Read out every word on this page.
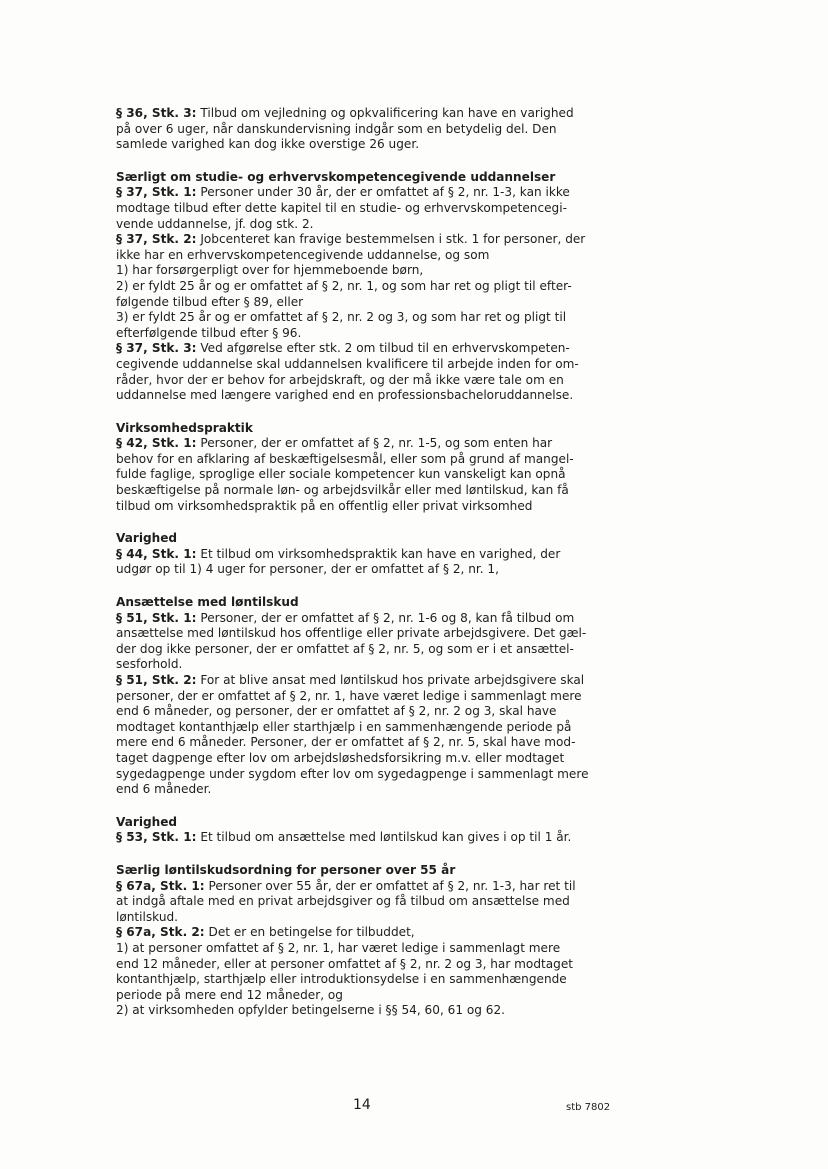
§ 36, Stk. 3: Tilbud om vejledning og opkvalificering kan have en varighed

på over 6 uger, når danskundervisning indgår som en betydelig del. Den

samlede varighed kan dog ikke overstige 26 uger.

Særligt om studie- og erhvervskompetencegivende uddannelser

§ 37, Stk. 1: Personer under 30 år, der er omfattet af § 2, nr. 1-3, kan ikke

modtage tilbud efter dette kapitel til en studie- og erhvervskompetencegi-

vende uddannelse, jf. dog stk. 2.

§ 37, Stk. 2: Jobcenteret kan fravige bestemmelsen i stk. 1 for personer, der

ikke har en erhvervskompetencegivende uddannelse, og som

1) har forsørgerpligt over for hjemmeboende børn,

2) er fyldt 25 år og er omfattet af § 2, nr. 1, og som har ret og pligt til efter-

følgende tilbud efter § 89, eller

3) er fyldt 25 år og er omfattet af § 2, nr. 2 og 3, og som har ret og pligt til

efterfølgende tilbud efter § 96.

§ 37, Stk. 3: Ved afgørelse efter stk. 2 om tilbud til en erhvervskompeten-

cegivende uddannelse skal uddannelsen kvalificere til arbejde inden for om-

råder, hvor der er behov for arbejdskraft, og der må ikke være tale om en

uddannelse med længere varighed end en professionsbacheloruddannelse.

Virksomhedspraktik

§ 42, Stk. 1: Personer, der er omfattet af § 2, nr. 1-5, og som enten har

behov for en afklaring af beskæftigelsesmål, eller som på grund af mangel-

fulde faglige, sproglige eller sociale kompetencer kun vanskeligt kan opnå

beskæftigelse på normale løn- og arbejdsvilkår eller med løntilskud, kan få

tilbud om virksomhedspraktik på en offentlig eller privat virksomhed

Varighed

§ 44, Stk. 1: Et tilbud om virksomhedspraktik kan have en varighed, der

udgør op til 1) 4 uger for personer, der er omfattet af § 2, nr. 1,

Ansættelse med løntilskud

§ 51, Stk. 1: Personer, der er omfattet af § 2, nr. 1-6 og 8, kan få tilbud om

ansættelse med løntilskud hos offentlige eller private arbejdsgivere. Det gæl-

der dog ikke personer, der er omfattet af § 2, nr. 5, og som er i et ansættel-

sesforhold.

§ 51, Stk. 2: For at blive ansat med løntilskud hos private arbejdsgivere skal

personer, der er omfattet af § 2, nr. 1, have været ledige i sammenlagt mere

end 6 måneder, og personer, der er omfattet af § 2, nr. 2 og 3, skal have

modtaget kontanthjælp eller starthjælp i en sammenhængende periode på

mere end 6 måneder. Personer, der er omfattet af § 2, nr. 5, skal have mod-

taget dagpenge efter lov om arbejdsløshedsforsikring m.v. eller modtaget

sygedagpenge under sygdom efter lov om sygedagpenge i sammenlagt mere

end 6 måneder.

Varighed

§ 53, Stk. 1: Et tilbud om ansættelse med løntilskud kan gives i op til 1 år.

Særlig løntilskudsordning for personer over 55 år

§ 67a, Stk. 1: Personer over 55 år, der er omfattet af § 2, nr. 1-3, har ret til

at indgå aftale med en privat arbejdsgiver og få tilbud om ansættelse med

løntilskud.

§ 67a, Stk. 2: Det er en betingelse for tilbuddet,

1) at personer omfattet af § 2, nr. 1, har været ledige i sammenlagt mere

end 12 måneder, eller at personer omfattet af § 2, nr. 2 og 3, har modtaget

kontanthjælp, starthjælp eller introduktionsydelse i en sammenhængende

periode på mere end 12 måneder, og

2) at virksomheden opfylder betingelserne i §§ 54, 60, 61 og 62.

14	stb 7802
